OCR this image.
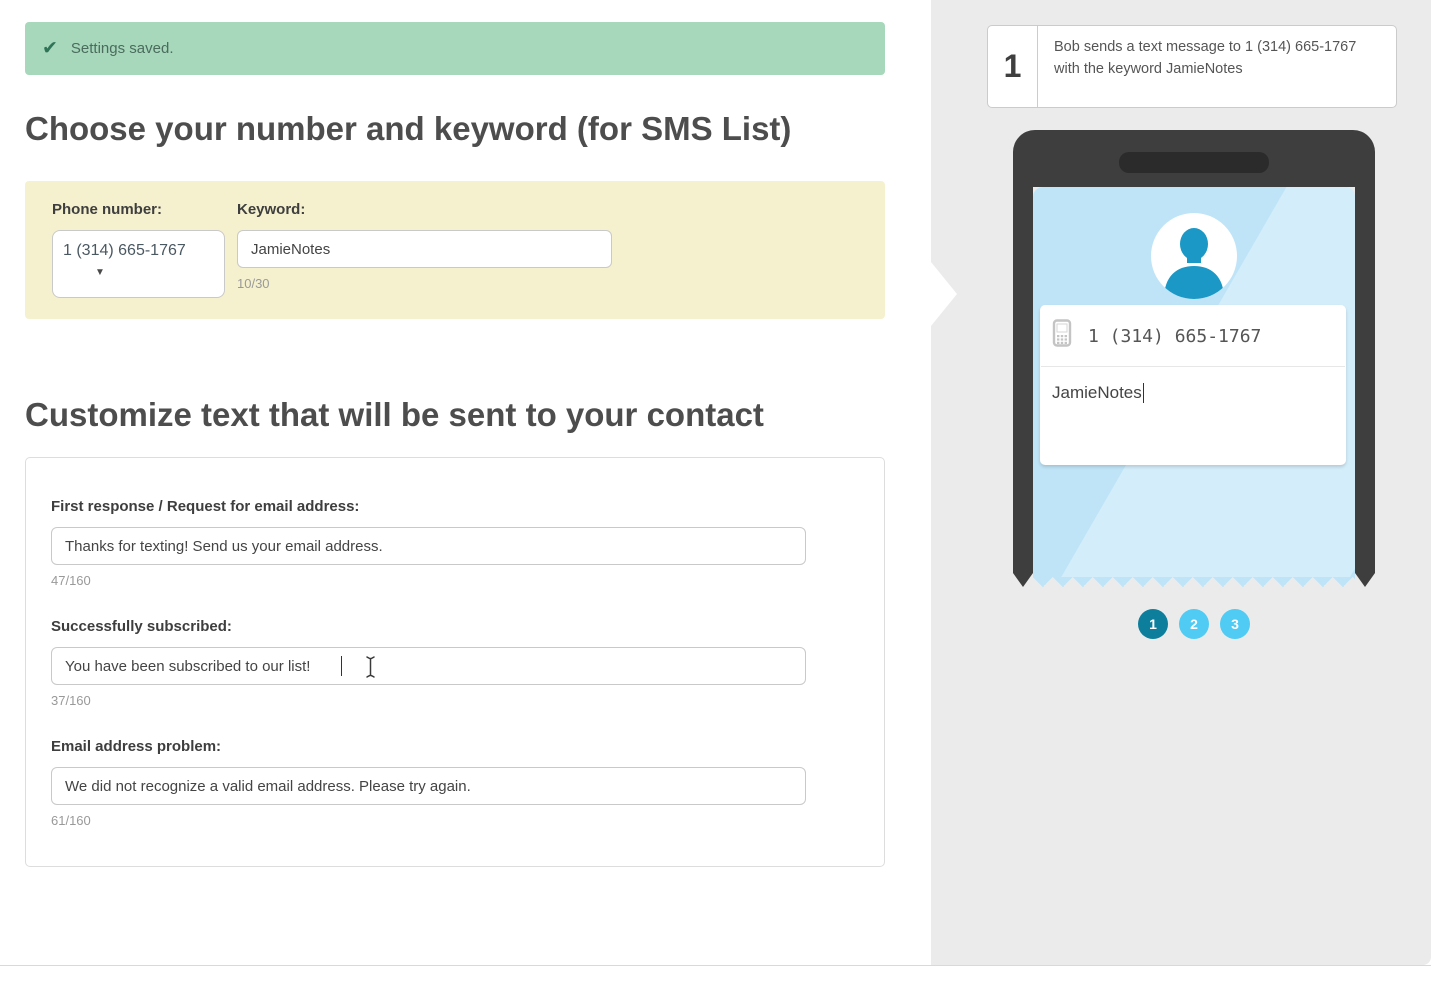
✔ Settings saved.
Choose your number and keyword (for SMS List)
Phone number:
1 (314) 665-1767
▼
Keyword:
JamieNotes
10/30
Customize text that will be sent to your contact
First response / Request for email address:
Thanks for texting! Send us your email address.
47/160
Successfully subscribed:
You have been subscribed to our list!
37/160
Email address problem:
We did not recognize a valid email address. Please try again.
61/160
1
Bob sends a text message to 1 (314) 665-1767 with the keyword JamieNotes
1 (314) 665-1767
JamieNotes
1	2	3
